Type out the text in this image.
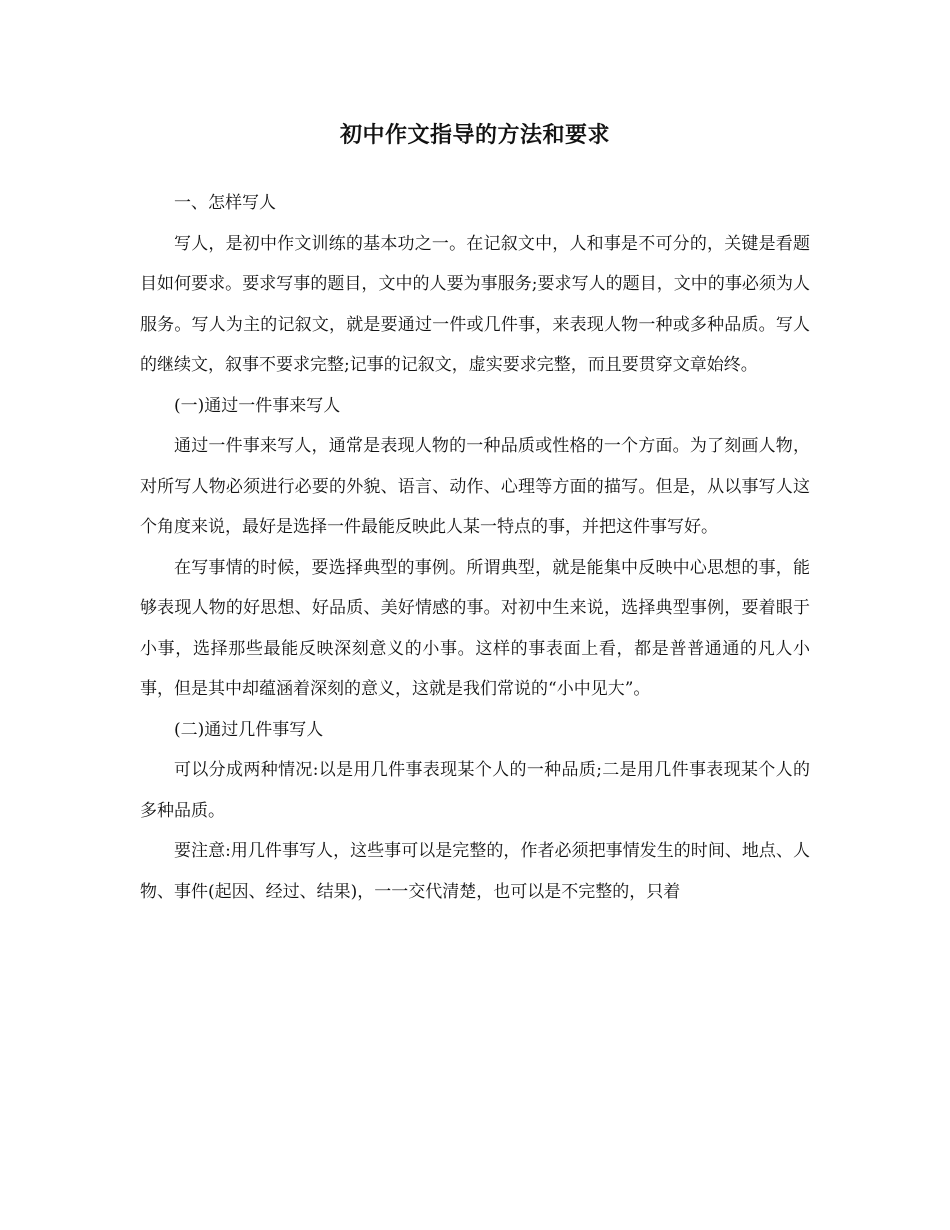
初中作文指导的方法和要求

一、怎样写人

写人，是初中作文训练的基本功之一。在记叙文中，人和事是不可分的，关键是看题目如何要求。要求写事的题目，文中的人要为事服务;要求写人的题目，文中的事必须为人服务。写人为主的记叙文，就是要通过一件或几件事，来表现人物一种或多种品质。写人的继续文，叙事不要求完整;记事的记叙文，虚实要求完整，而且要贯穿文章始终。

(一)通过一件事来写人

通过一件事来写人，通常是表现人物的一种品质或性格的一个方面。为了刻画人物，对所写人物必须进行必要的外貌、语言、动作、心理等方面的描写。但是，从以事写人这个角度来说，最好是选择一件最能反映此人某一特点的事，并把这件事写好。

在写事情的时候，要选择典型的事例。所谓典型，就是能集中反映中心思想的事，能够表现人物的好思想、好品质、美好情感的事。对初中生来说，选择典型事例，要着眼于小事，选择那些最能反映深刻意义的小事。这样的事表面上看，都是普普通通的凡人小事，但是其中却蕴涵着深刻的意义，这就是我们常说的“小中见大”。

(二)通过几件事写人

可以分成两种情况:以是用几件事表现某个人的一种品质;二是用几件事表现某个人的多种品质。

要注意:用几件事写人，这些事可以是完整的，作者必须把事情发生的时间、地点、人物、事件(起因、经过、结果)，一一交代清楚，也可以是不完整的，只着
